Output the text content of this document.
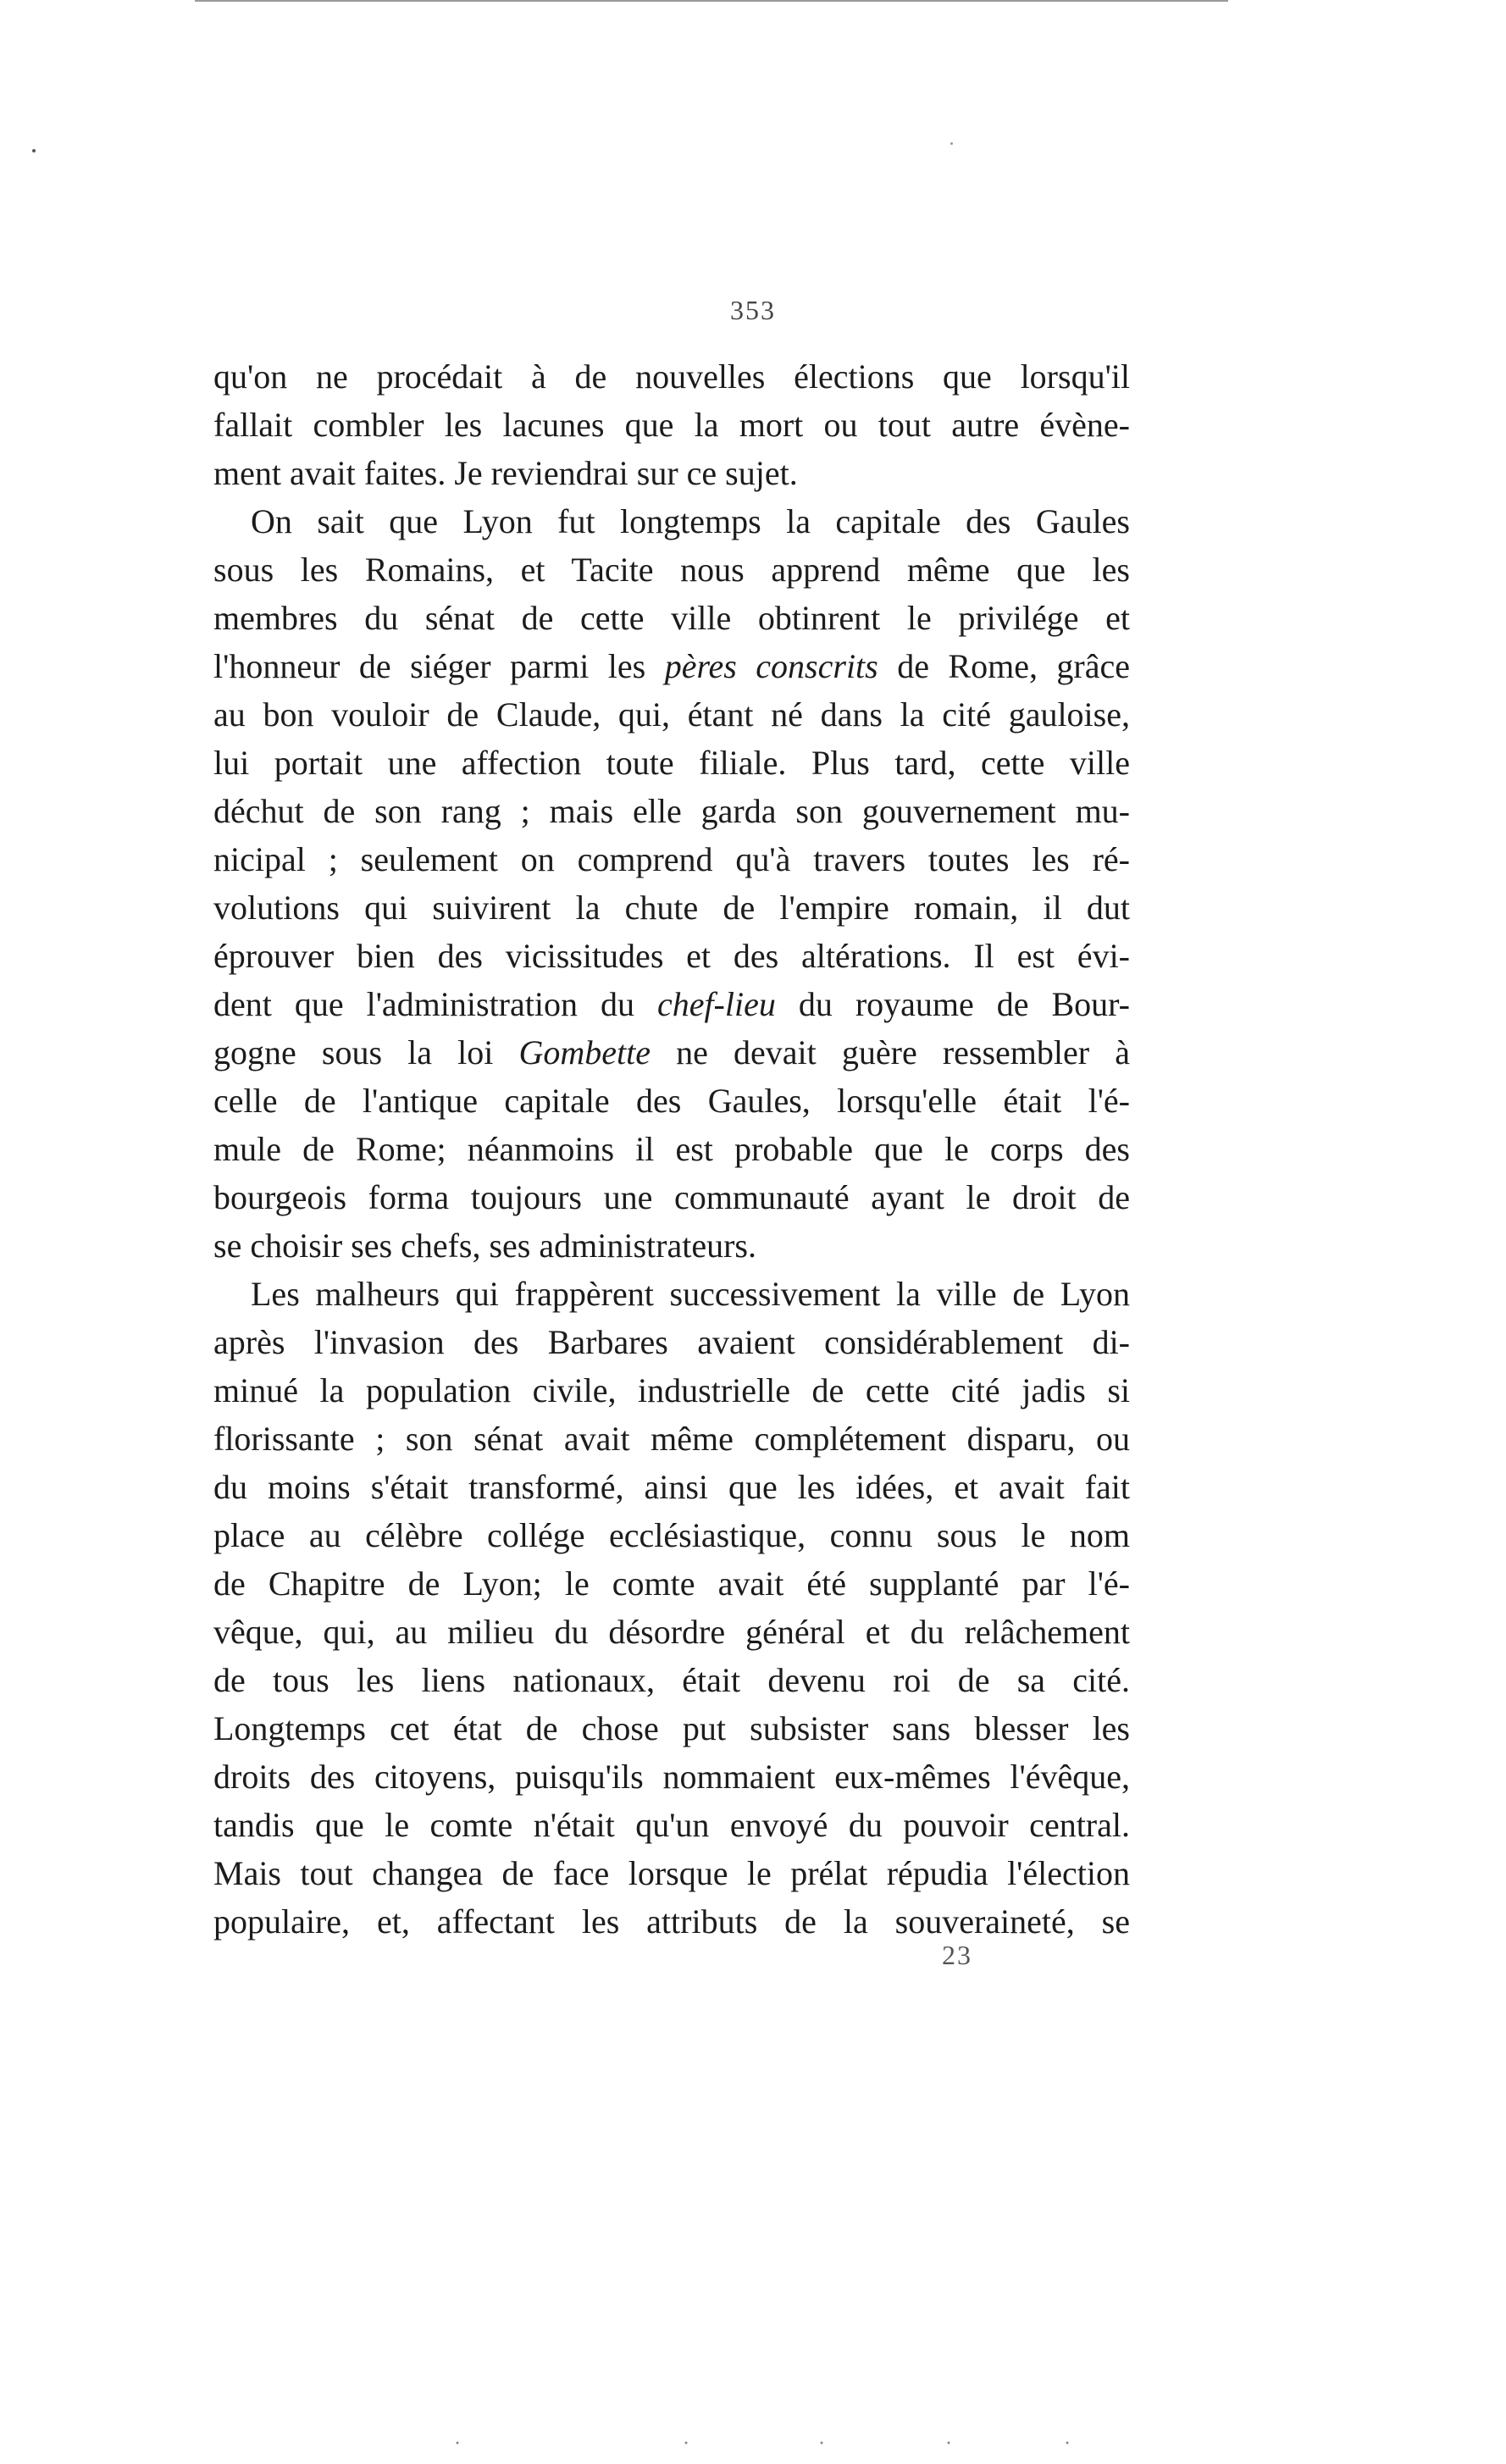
353
qu'on ne procédait à de nouvelles élections que lorsqu'il
fallait combler les lacunes que la mort ou tout autre évène-
ment avait faites. Je reviendrai sur ce sujet.
On sait que Lyon fut longtemps la capitale des Gaules
sous les Romains, et Tacite nous apprend même que les
membres du sénat de cette ville obtinrent le privilége et
l'honneur de siéger parmi les pères conscrits de Rome, grâce
au bon vouloir de Claude, qui, étant né dans la cité gauloise,
lui portait une affection toute filiale. Plus tard, cette ville
déchut de son rang ; mais elle garda son gouvernement mu-
nicipal ; seulement on comprend qu'à travers toutes les ré-
volutions qui suivirent la chute de l'empire romain, il dut
éprouver bien des vicissitudes et des altérations. Il est évi-
dent que l'administration du chef-lieu du royaume de Bour-
gogne sous la loi Gombette ne devait guère ressembler à
celle de l'antique capitale des Gaules, lorsqu'elle était l'é-
mule de Rome; néanmoins il est probable que le corps des
bourgeois forma toujours une communauté ayant le droit de
se choisir ses chefs, ses administrateurs.
Les malheurs qui frappèrent successivement la ville de Lyon
après l'invasion des Barbares avaient considérablement di-
minué la population civile, industrielle de cette cité jadis si
florissante ; son sénat avait même complétement disparu, ou
du moins s'était transformé, ainsi que les idées, et avait fait
place au célèbre collége ecclésiastique, connu sous le nom
de Chapitre de Lyon; le comte avait été supplanté par l'é-
vêque, qui, au milieu du désordre général et du relâchement
de tous les liens nationaux, était devenu roi de sa cité.
Longtemps cet état de chose put subsister sans blesser les
droits des citoyens, puisqu'ils nommaient eux-mêmes l'évêque,
tandis que le comte n'était qu'un envoyé du pouvoir central.
Mais tout changea de face lorsque le prélat répudia l'élection
populaire, et, affectant les attributs de la souveraineté, se
23
